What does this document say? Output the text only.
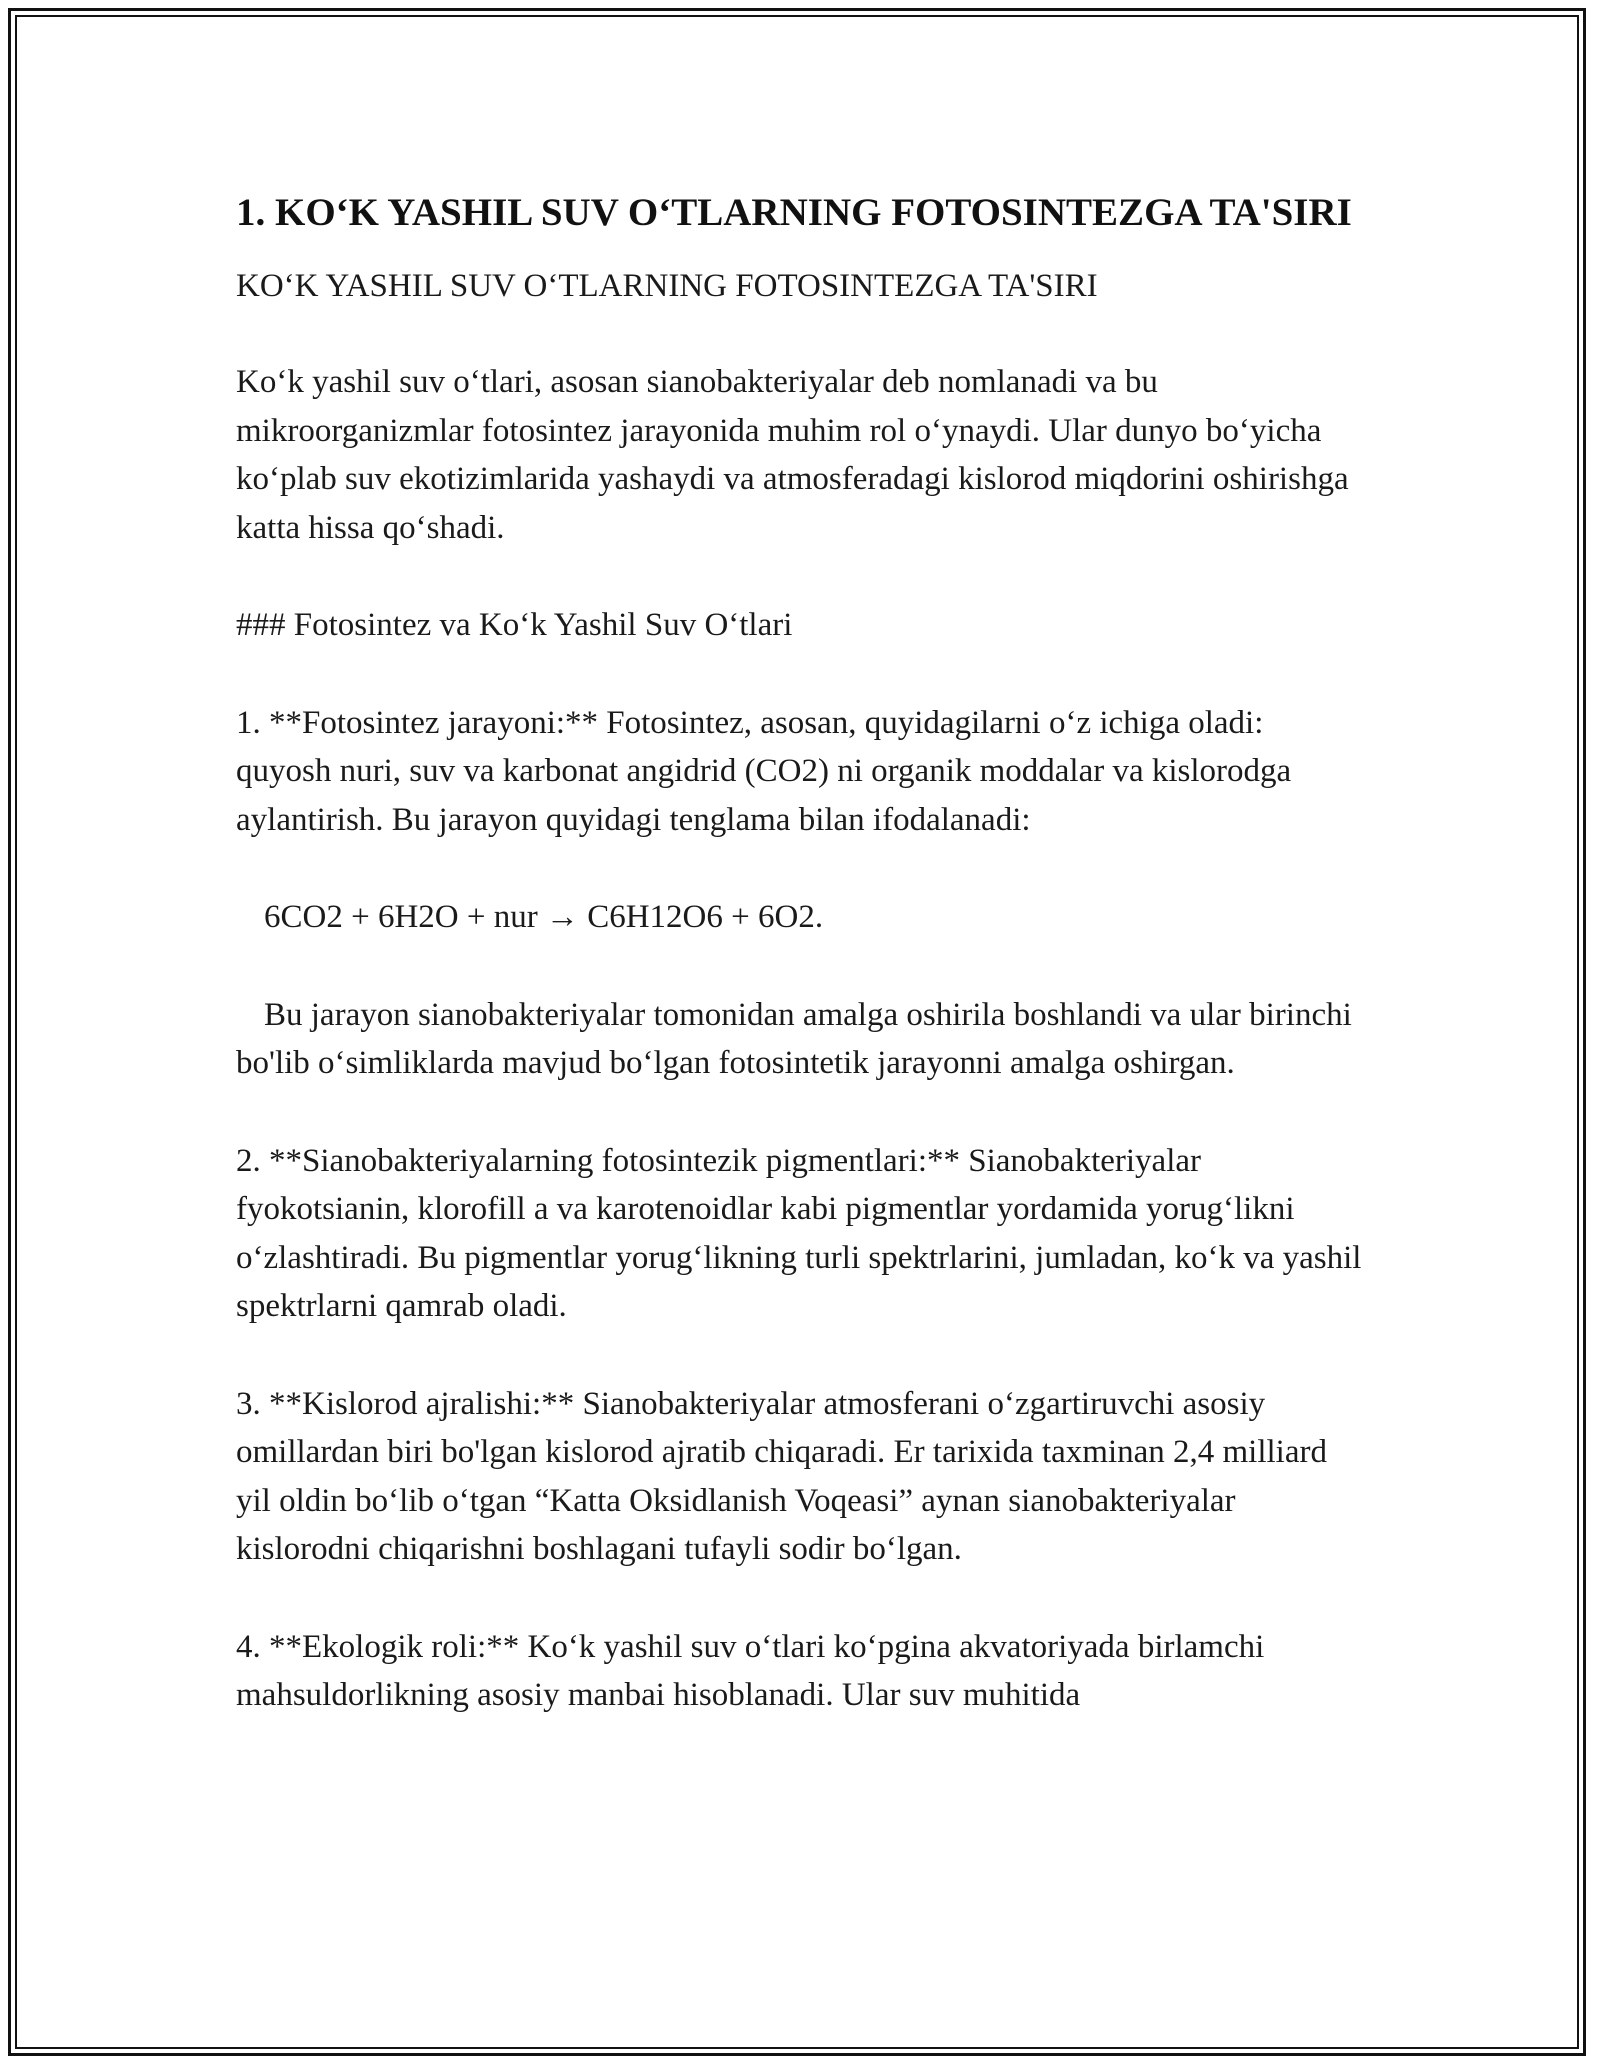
1. KO‘K YASHIL SUV O‘TLARNING FOTOSINTEZGA TA'SIRI
KO‘K YASHIL SUV O‘TLARNING FOTOSINTEZGA TA'SIRI

Ko‘k yashil suv o‘tlari, asosan sianobakteriyalar deb nomlanadi va bu mikroorganizmlar fotosintez jarayonida muhim rol o‘ynaydi. Ular dunyo bo‘yicha ko‘plab suv ekotizimlarida yashaydi va atmosferadagi kislorod miqdorini oshirishga katta hissa qo‘shadi.

### Fotosintez va Ko‘k Yashil Suv O‘tlari

1. **Fotosintez jarayoni:** Fotosintez, asosan, quyidagilarni o‘z ichiga oladi: quyosh nuri, suv va karbonat angidrid (CO2) ni organik moddalar va kislorodga aylantirish. Bu jarayon quyidagi tenglama bilan ifodalanadi:

6CO2 + 6H2O + nur → C6H12O6 + 6O2.

Bu jarayon sianobakteriyalar tomonidan amalga oshirila boshlandi va ular birinchi bo'lib o‘simliklarda mavjud bo‘lgan fotosintetik jarayonni amalga oshirgan.

2. **Sianobakteriyalarning fotosintezik pigmentlari:** Sianobakteriyalar fyokotsianin, klorofill a va karotenoidlar kabi pigmentlar yordamida yorug‘likni o‘zlashtiradi. Bu pigmentlar yorug‘likning turli spektrlarini, jumladan, ko‘k va yashil spektrlarni qamrab oladi.

3. **Kislorod ajralishi:** Sianobakteriyalar atmosferani o‘zgartiruvchi asosiy omillardan biri bo'lgan kislorod ajratib chiqaradi. Er tarixida taxminan 2,4 milliard yil oldin bo‘lib o‘tgan “Katta Oksidlanish Voqeasi” aynan sianobakteriyalar kislorodni chiqarishni boshlagani tufayli sodir bo‘lgan.

4. **Ekologik roli:** Ko‘k yashil suv o‘tlari ko‘pgina akvatoriyada birlamchi mahsuldorlikning asosiy manbai hisoblanadi. Ular suv muhitida
